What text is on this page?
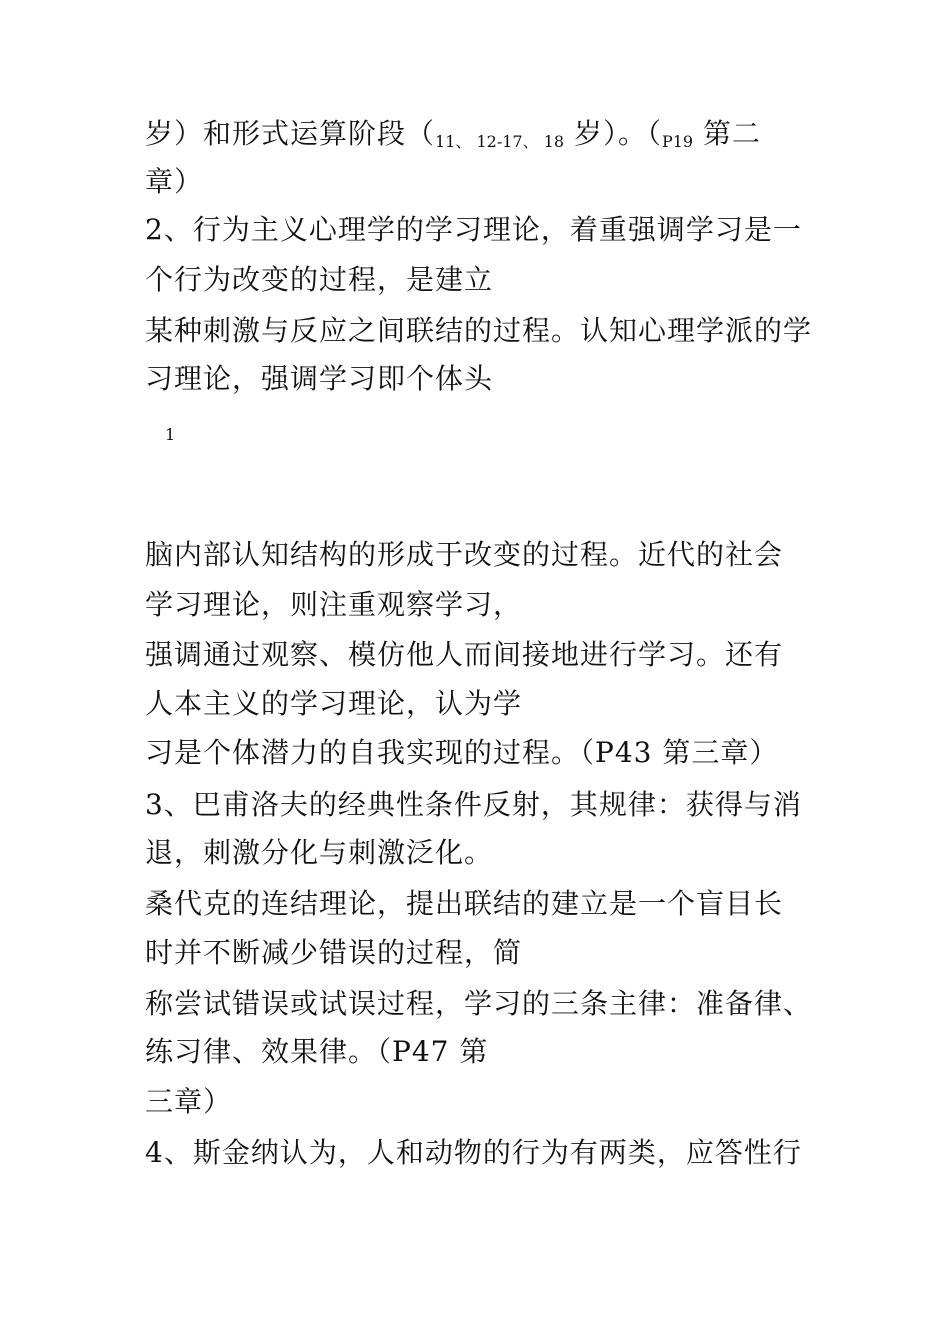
岁）和形式运算阶段（11、 12-17、 18 岁）。（P19 第二
章）
2、行为主义心理学的学习理论，着重强调学习是一
个行为改变的过程，是建立
某种刺激与反应之间联结的过程。认知心理学派的学
习理论，强调学习即个体头
1
脑内部认知结构的形成于改变的过程。近代的社会
学习理论，则注重观察学习，
强调通过观察、模仿他人而间接地进行学习。还有
人本主义的学习理论，认为学
习是个体潜力的自我实现的过程。（P43 第三章）
3、巴甫洛夫的经典性条件反射，其规律：获得与消
退，刺激分化与刺激泛化。
桑代克的连结理论，提出联结的建立是一个盲目长
时并不断减少错误的过程，简
称尝试错误或试误过程，学习的三条主律：准备律、
练习律、效果律。（P47 第
三章）
4、斯金纳认为，人和动物的行为有两类，应答性行
